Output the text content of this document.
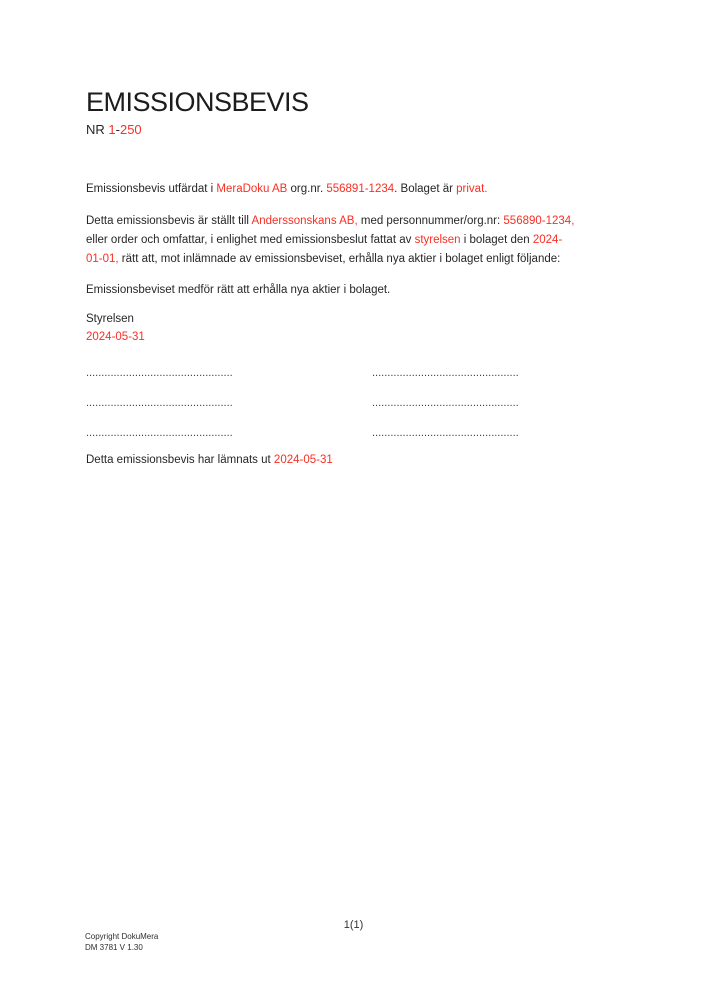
EMISSIONSBEVIS
NR 1-250

Emissionsbevis utfärdat i MeraDoku AB org.nr. 556891-1234. Bolaget är privat.

Detta emissionsbevis är ställt till Anderssonskans AB, med personnummer/org.nr: 556890-1234,
eller order och omfattar, i enlighet med emissionsbeslut fattat av styrelsen i bolaget den 2024-
01-01, rätt att, mot inlämnade av emissionsbeviset, erhålla nya aktier i bolaget enligt följande:

Emissionsbeviset medför rätt att erhålla nya aktier i bolaget.

Styrelsen
2024-05-31
................................................	................................................
................................................	................................................
................................................	................................................

Detta emissionsbevis har lämnats ut 2024-05-31

1(1)
Copyright DokuMera
DM 3781 V 1.30
